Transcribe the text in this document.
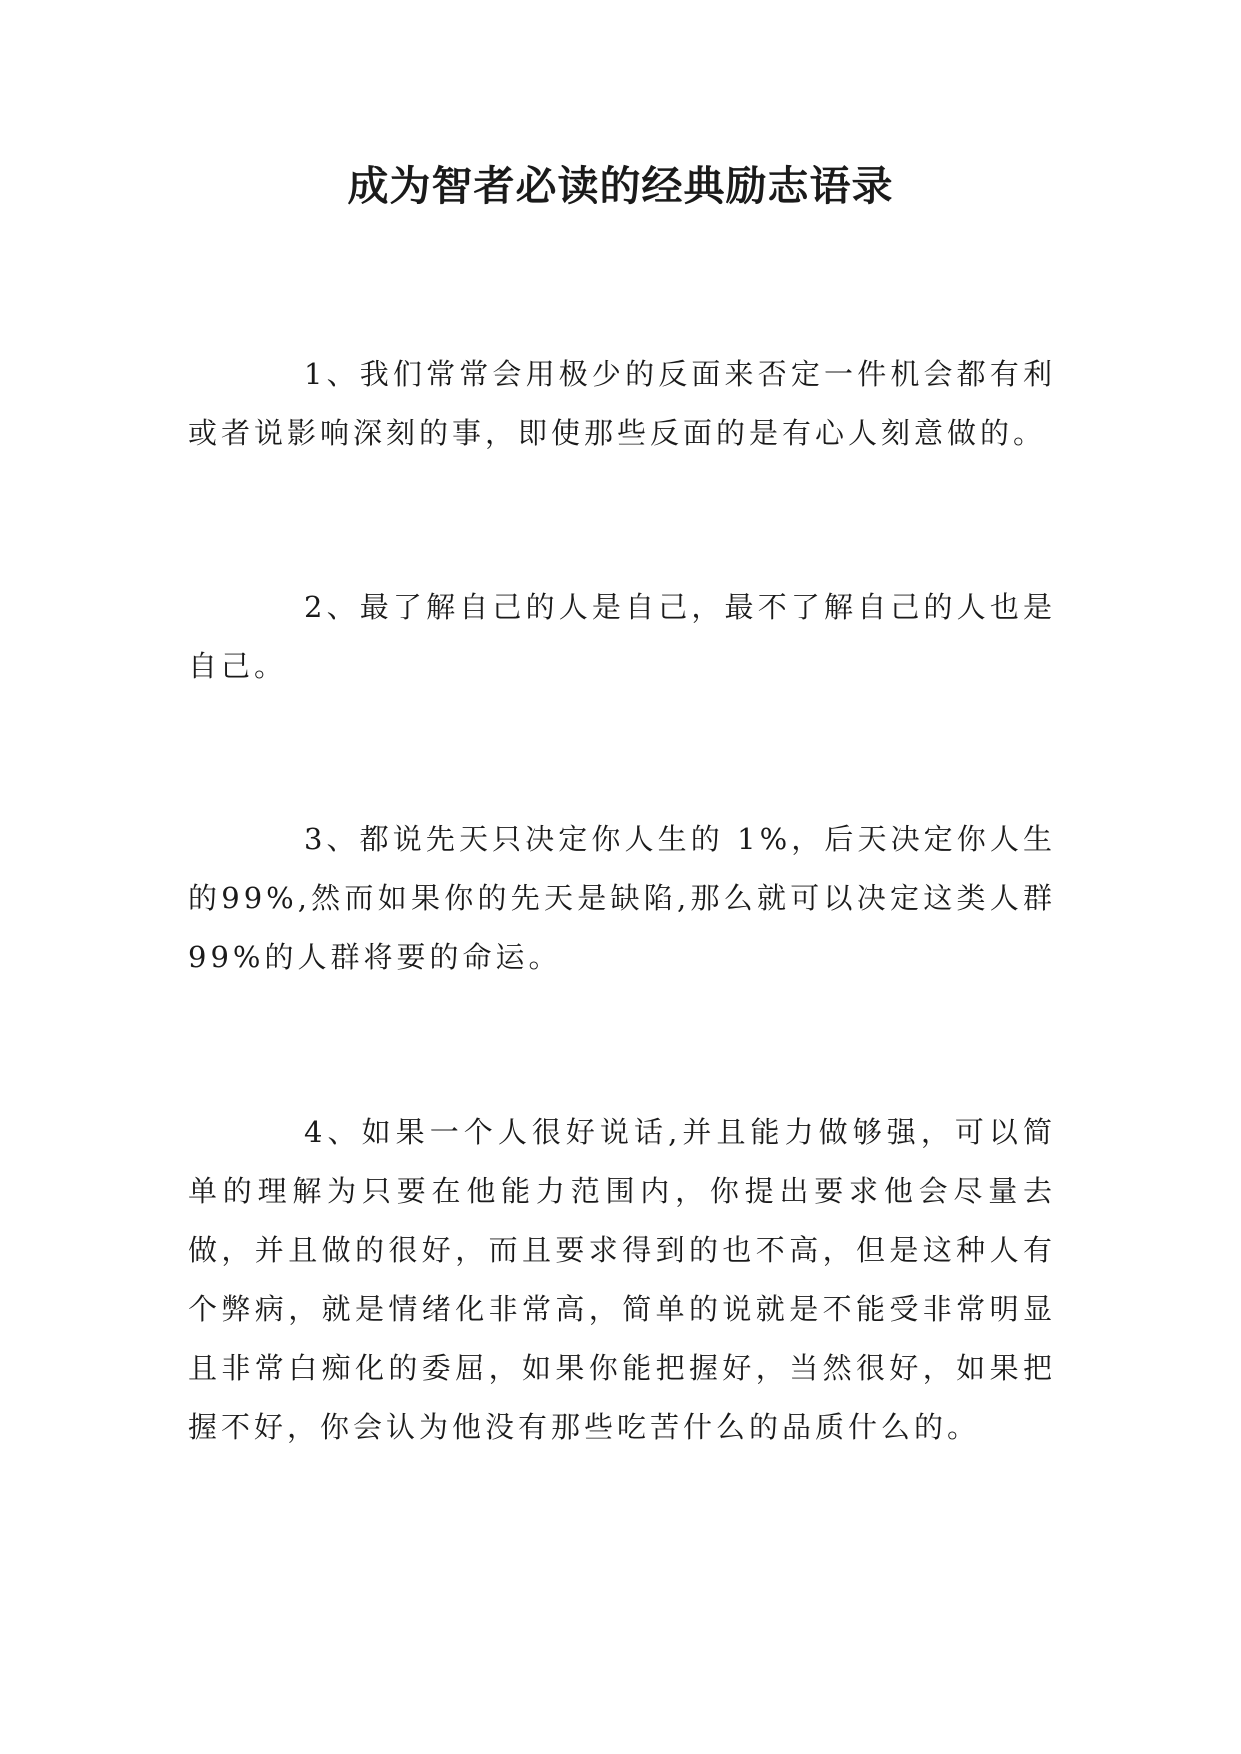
成为智者必读的经典励志语录

1、我们常常会用极少的反面来否定一件机会都有利或者说影响深刻的事，即使那些反面的是有心人刻意做的。

2、最了解自己的人是自己，最不了解自己的人也是自己。

3、都说先天只决定你人生的 1%，后天决定你人生的99%,然而如果你的先天是缺陷,那么就可以决定这类人群99%的人群将要的命运。

4、如果一个人很好说话,并且能力做够强，可以简单的理解为只要在他能力范围内，你提出要求他会尽量去做，并且做的很好，而且要求得到的也不高，但是这种人有个弊病，就是情绪化非常高，简单的说就是不能受非常明显且非常白痴化的委屈，如果你能把握好，当然很好，如果把握不好，你会认为他没有那些吃苦什么的品质什么的。
